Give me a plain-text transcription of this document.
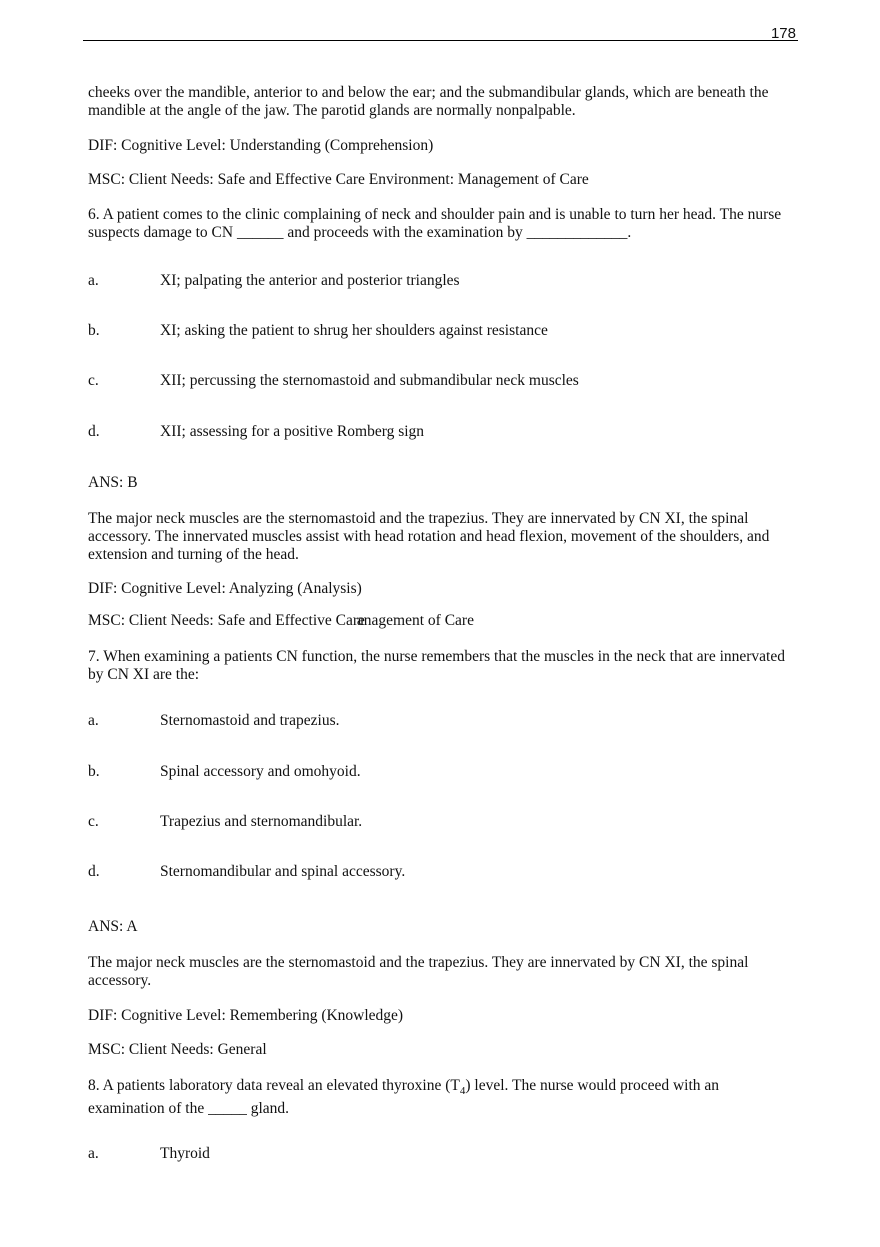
178

cheeks over the mandible, anterior to and below the ear; and the submandibular glands, which are beneath the mandible at the angle of the jaw. The parotid glands are normally nonpalpable.

DIF: Cognitive Level: Understanding (Comprehension)

MSC: Client Needs: Safe and Effective Care Environment: Management of Care

6. A patient comes to the clinic complaining of neck and shoulder pain and is unable to turn her head. The nurse suspects damage to CN ______ and proceeds with the examination by _____________.

a.	XI; palpating the anterior and posterior triangles
b.	XI; asking the patient to shrug her shoulders against resistance
c.	XII; percussing the sternomastoid and submandibular neck muscles
d.	XII; assessing for a positive Romberg sign

ANS: B

The major neck muscles are the sternomastoid and the trapezius. They are innervated by CN XI, the spinal accessory. The innervated muscles assist with head rotation and head flexion, movement of the shoulders, and extension and turning of the head.

DIF: Cognitive Level: Analyzing (Analysis)

MSC: Client Needs: Safe and Effective Careanagement of Care

7. When examining a patients CN function, the nurse remembers that the muscles in the neck that are innervated by CN XI are the:

a.	Sternomastoid and trapezius.
b.	Spinal accessory and omohyoid.
c.	Trapezius and sternomandibular.
d.	Sternomandibular and spinal accessory.

ANS: A

The major neck muscles are the sternomastoid and the trapezius. They are innervated by CN XI, the spinal accessory.

DIF: Cognitive Level: Remembering (Knowledge)

MSC: Client Needs: General

8. A patients laboratory data reveal an elevated thyroxine $(T_4)$ level. The nurse would proceed with an examination of the _____ gland.

a.	Thyroid
